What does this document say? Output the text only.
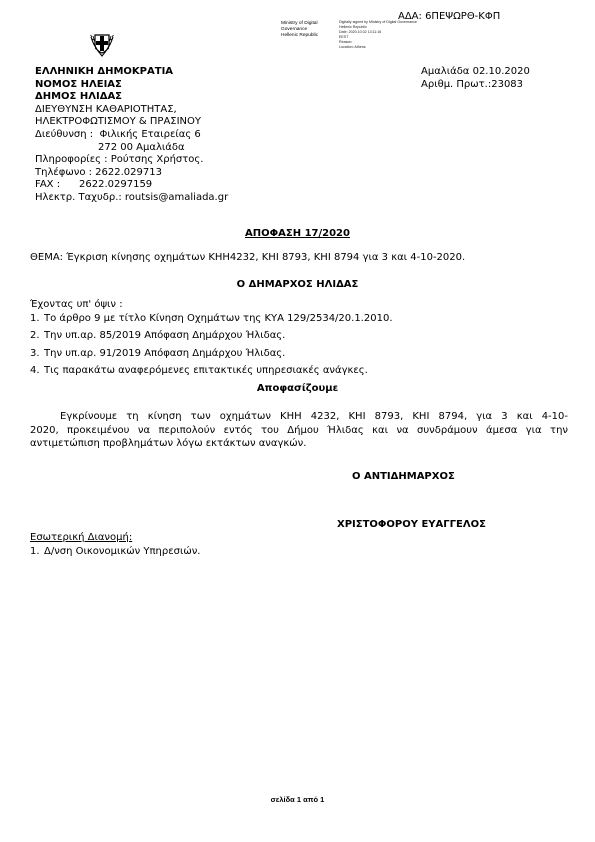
ΑΔΑ: 6ΠΕΨΩΡΘ-ΚΦΠ
Ministry of Digital
Governance
Hellenic Republic
Digitally signed by Ministry of Digital Governance
Hellenic Republic
Date: 2020.10.02 13:11:16
EEST
Reason:
Location: Athens
ΕΛΛΗΝΙΚΗ ΔΗΜΟΚΡΑΤΙΑ
ΝΟΜΟΣ ΗΛΕΙΑΣ
ΔΗΜΟΣ ΗΛΙΔΑΣ
ΔΙΕΥΘΥΝΣΗ ΚΑΘΑΡΙΟΤΗΤΑΣ,
ΗΛΕΚΤΡΟΦΩΤΙΣΜΟΥ & ΠΡΑΣΙΝΟΥ
Διεύθυνση : Φιλικής Εταιρείας 6
272 00 Αμαλιάδα
Πληροφορίες : Ρούτσης Χρήστος.
Τηλέφωνο : 2622.029713
FAX : 2622.0297159
Ηλεκτρ. Ταχυδρ.: routsis@amaliada.gr
Αμαλιάδα 02.10.2020
Αριθμ. Πρωτ.:23083
ΑΠΟΦΑΣΗ 17/2020
ΘΕΜΑ: Έγκριση κίνησης οχημάτων ΚΗΗ4232, ΚΗΙ 8793, ΚΗΙ 8794 για 3 και 4-10-2020.
Ο ΔΗΜΑΡΧΟΣ ΗΛΙΔΑΣ
Έχοντας υπ' όψιν :
1. Το άρθρο 9 με τίτλο Κίνηση Οχημάτων της ΚΥΑ 129/2534/20.1.2010.
2. Την υπ.αρ. 85/2019 Απόφαση Δημάρχου Ήλιδας.
3. Την υπ.αρ. 91/2019 Απόφαση Δημάρχου Ήλιδας.
4. Τις παρακάτω αναφερόμενες επιτακτικές υπηρεσιακές ανάγκες.
Αποφασίζουμε
Εγκρίνουμε τη κίνηση των οχημάτων ΚΗΗ 4232, ΚΗΙ 8793, ΚΗΙ 8794, για 3 και 4-10-
2020, προκειμένου να περιπολούν εντός του Δήμου Ήλιδας και να συνδράμουν άμεσα για την
αντιμετώπιση προβλημάτων λόγω εκτάκτων αναγκών.
Ο ΑΝΤΙΔΗΜΑΡΧΟΣ
ΧΡΙΣΤΟΦΟΡΟΥ ΕΥΑΓΓΕΛΟΣ
Εσωτερική Διανομή:
1. Δ/νση Οικονομικών Υπηρεσιών.
σελίδα 1 από 1
